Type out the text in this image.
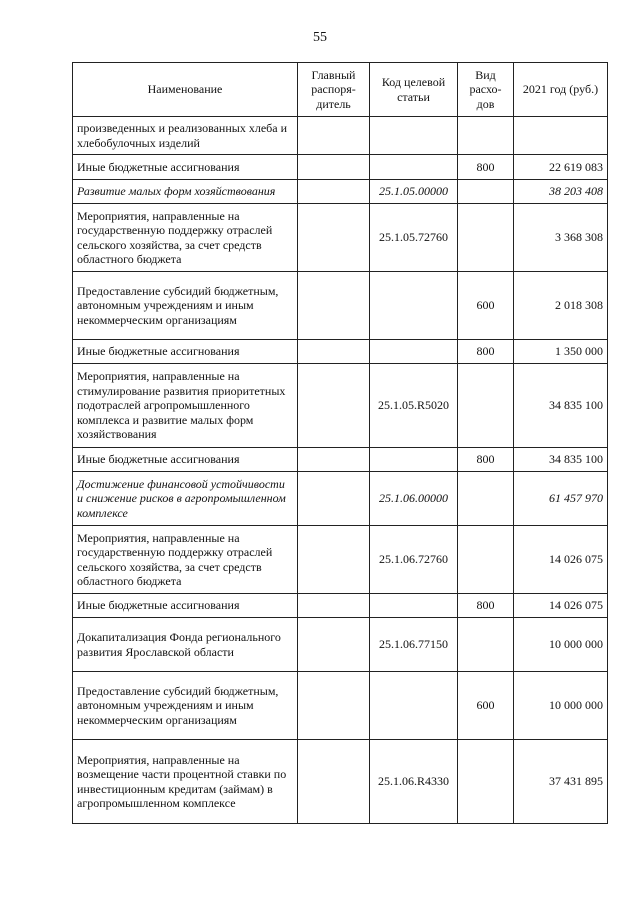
55
Наименование	Главный распоря-дитель	Код целевой статьи	Вид расхо-дов	2021 год (руб.)
произведенных и реализованных хлеба и хлебобулочных изделий				
Иные бюджетные ассигнования			800	22 619 083
Развитие малых форм хозяйствования		25.1.05.00000		38 203 408
Мероприятия, направленные на государственную поддержку отраслей сельского хозяйства, за счет средств областного бюджета		25.1.05.72760		3 368 308
Предоставление субсидий бюджетным, автономным учреждениям и иным некоммерческим организациям			600	2 018 308
Иные бюджетные ассигнования			800	1 350 000
Мероприятия, направленные на стимулирование развития приоритетных подотраслей агропромышленного комплекса и развитие малых форм хозяйствования		25.1.05.R5020		34 835 100
Иные бюджетные ассигнования			800	34 835 100
Достижение финансовой устойчивости и снижение рисков в агропромышленном комплексе		25.1.06.00000		61 457 970
Мероприятия, направленные на государственную поддержку отраслей сельского хозяйства, за счет средств областного бюджета		25.1.06.72760		14 026 075
Иные бюджетные ассигнования			800	14 026 075
Докапитализация Фонда регионального развития Ярославской области		25.1.06.77150		10 000 000
Предоставление субсидий бюджетным, автономным учреждениям и иным некоммерческим организациям			600	10 000 000
Мероприятия, направленные на возмещение части процентной ставки по инвестиционным кредитам (займам) в агропромышленном комплексе		25.1.06.R4330		37 431 895
